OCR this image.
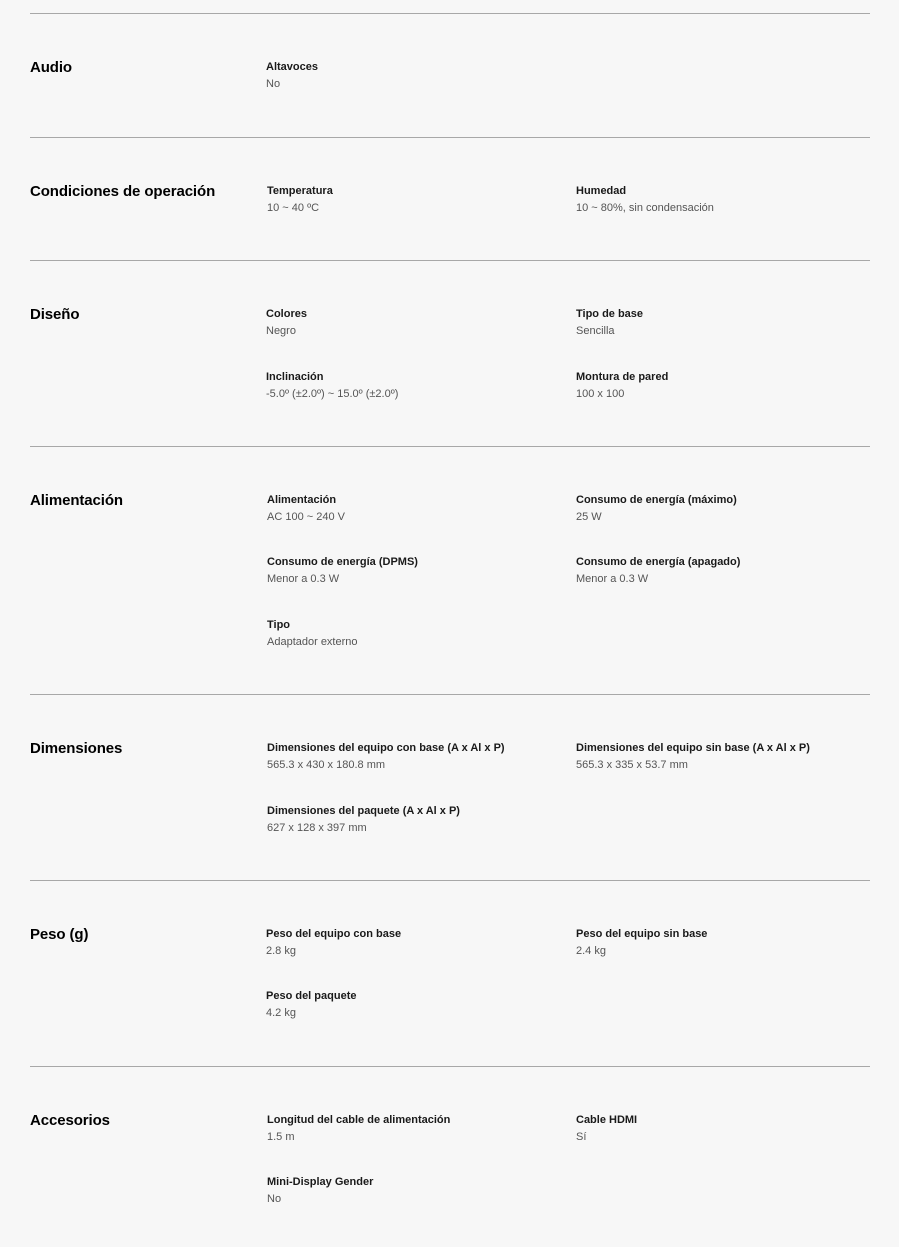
Audio	Altavoces
No
Condiciones de operación	Temperatura
10 ~ 40 ºC
Humedad
10 ~ 80%, sin condensación
Diseño	Colores
Negro
Tipo de base
Sencilla
Inclinación
-5.0º (±2.0º) ~ 15.0º (±2.0º)
Montura de pared
100 x 100
Alimentación	Alimentación
AC 100 ~ 240 V
Consumo de energía (máximo)
25 W
Consumo de energía (DPMS)
Menor a 0.3 W
Consumo de energía (apagado)
Menor a 0.3 W
Tipo
Adaptador externo
Dimensiones	Dimensiones del equipo con base (A x Al x P)
565.3 x 430 x 180.8 mm
Dimensiones del equipo sin base (A x Al x P)
565.3 x 335 x 53.7 mm
Dimensiones del paquete (A x Al x P)
627 x 128 x 397 mm
Peso (g)	Peso del equipo con base
2.8 kg
Peso del equipo sin base
2.4 kg
Peso del paquete
4.2 kg
Accesorios	Longitud del cable de alimentación
1.5 m
Cable HDMI
Sí
Mini-Display Gender
No
